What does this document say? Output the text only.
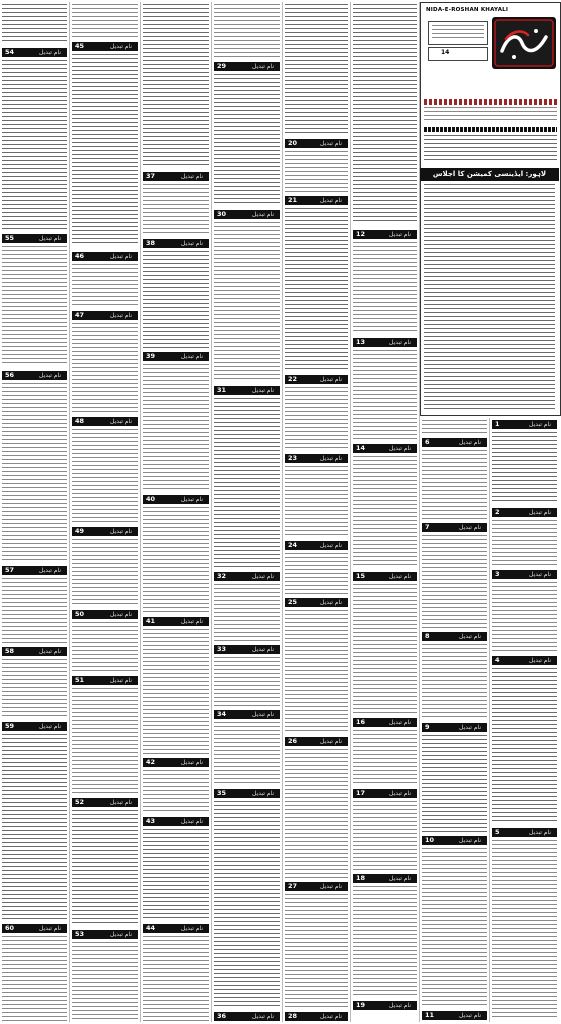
54	نام تبدیل
55	نام تبدیل
56	نام تبدیل
57	نام تبدیل
58	نام تبدیل
59	نام تبدیل
60	نام تبدیل
45	نام تبدیل
46	نام تبدیل
47	نام تبدیل
48	نام تبدیل
49	نام تبدیل
50	نام تبدیل
51	نام تبدیل
52	نام تبدیل
53	نام تبدیل
37	نام تبدیل
38	نام تبدیل
39	نام تبدیل
40	نام تبدیل
41	نام تبدیل
42	نام تبدیل
43	نام تبدیل
44	نام تبدیل
29	نام تبدیل
30	نام تبدیل
31	نام تبدیل
32	نام تبدیل
33	نام تبدیل
34	نام تبدیل
35	نام تبدیل
36	نام تبدیل
20	نام تبدیل
21	نام تبدیل
22	نام تبدیل
23	نام تبدیل
24	نام تبدیل
25	نام تبدیل
26	نام تبدیل
27	نام تبدیل
28	نام تبدیل
12	نام تبدیل
13	نام تبدیل
14	نام تبدیل
15	نام تبدیل
16	نام تبدیل
17	نام تبدیل
18	نام تبدیل
19	نام تبدیل
6	نام تبدیل
7	نام تبدیل
8	نام تبدیل
9	نام تبدیل
10	نام تبدیل
11	نام تبدیل
1	نام تبدیل
2	نام تبدیل
3	نام تبدیل
4	نام تبدیل
5	نام تبدیل
NIDA-E-ROSHAN KHAYALI
14
لاہور: ایڈینسی کمیشن کا اجلاس
